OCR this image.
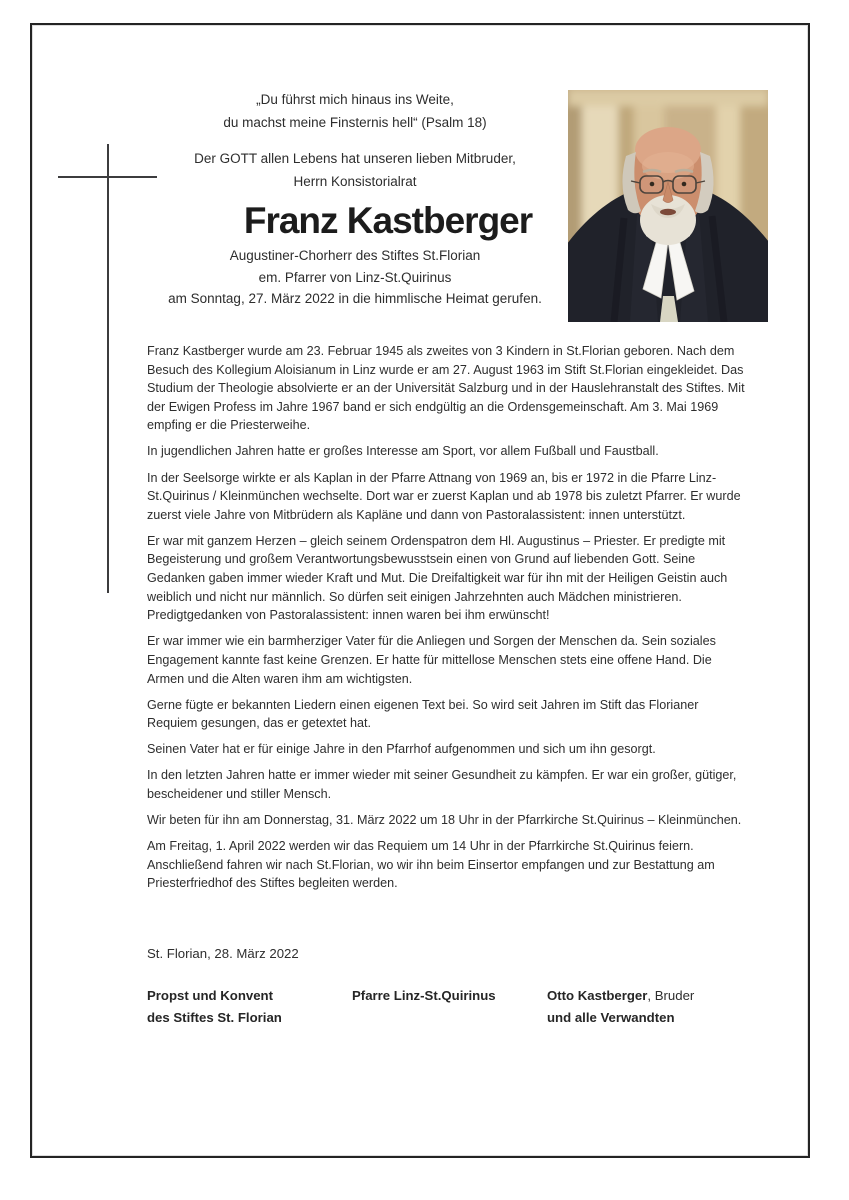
„Du führst mich hinaus ins Weite,

du machst meine Finsternis hell“ (Psalm 18)

Der GOTT allen Lebens hat unseren lieben Mitbruder,

Herrn Konsistorialrat

Franz Kastberger

Augustiner-Chorherr des Stiftes St.Florian

em. Pfarrer von Linz-St.Quirinus

am Sonntag, 27. März 2022 in die himmlische Heimat gerufen.

Franz Kastberger wurde am 23. Februar 1945 als zweites von 3 Kindern in St.Florian geboren. Nach dem Besuch des Kollegium Aloisianum in Linz wurde er am 27. August 1963 im Stift St.Florian eingekleidet. Das Studium der Theologie absolvierte er an der Universität Salzburg und in der Hauslehranstalt des Stiftes. Mit der Ewigen Profess im Jahre 1967 band er sich endgültig an die Ordensgemeinschaft. Am 3. Mai 1969 empfing er die Priesterweihe.

In jugendlichen Jahren hatte er großes Interesse am Sport, vor allem Fußball und Faustball.

In der Seelsorge wirkte er als Kaplan in der Pfarre Attnang von 1969 an, bis er 1972 in die Pfarre Linz-St.Quirinus / Kleinmünchen wechselte. Dort war er zuerst Kaplan und ab 1978 bis zuletzt Pfarrer. Er wurde zuerst viele Jahre von Mitbrüdern als Kapläne und dann von Pastoralassistent: innen unterstützt.

Er war mit ganzem Herzen – gleich seinem Ordenspatron dem Hl. Augustinus – Priester. Er predigte mit Begeisterung und großem Verantwortungsbewusstsein einen von Grund auf liebenden Gott. Seine Gedanken gaben immer wieder Kraft und Mut. Die Dreifaltigkeit war für ihn mit der Heiligen Geistin auch weiblich und nicht nur männlich. So dürfen seit einigen Jahrzehnten auch Mädchen ministrieren. Predigtgedanken von Pastoralassistent: innen waren bei ihm erwünscht!

Er war immer wie ein barmherziger Vater für die Anliegen und Sorgen der Menschen da. Sein soziales Engagement kannte fast keine Grenzen. Er hatte für mittellose Menschen stets eine offene Hand. Die Armen und die Alten waren ihm am wichtigsten.

Gerne fügte er bekannten Liedern einen eigenen Text bei. So wird seit Jahren im Stift das Florianer Requiem gesungen, das er getextet hat.

Seinen Vater hat er für einige Jahre in den Pfarrhof aufgenommen und sich um ihn gesorgt.

In den letzten Jahren hatte er immer wieder mit seiner Gesundheit zu kämpfen. Er war ein großer, gütiger, bescheidener und stiller Mensch.

Wir beten für ihn am Donnerstag, 31. März 2022 um 18 Uhr in der Pfarrkirche St.Quirinus – Kleinmünchen.

Am Freitag, 1. April 2022 werden wir das Requiem um 14 Uhr in der Pfarrkirche St.Quirinus feiern. Anschließend fahren wir nach St.Florian, wo wir ihn beim Einsertor empfangen und zur Bestattung am Priesterfriedhof des Stiftes begleiten werden.

St. Florian, 28. März 2022
Propst und Konvent
des Stiftes St. Florian
Pfarre Linz-St.Quirinus	Otto Kastberger, Bruder
und alle Verwandten
